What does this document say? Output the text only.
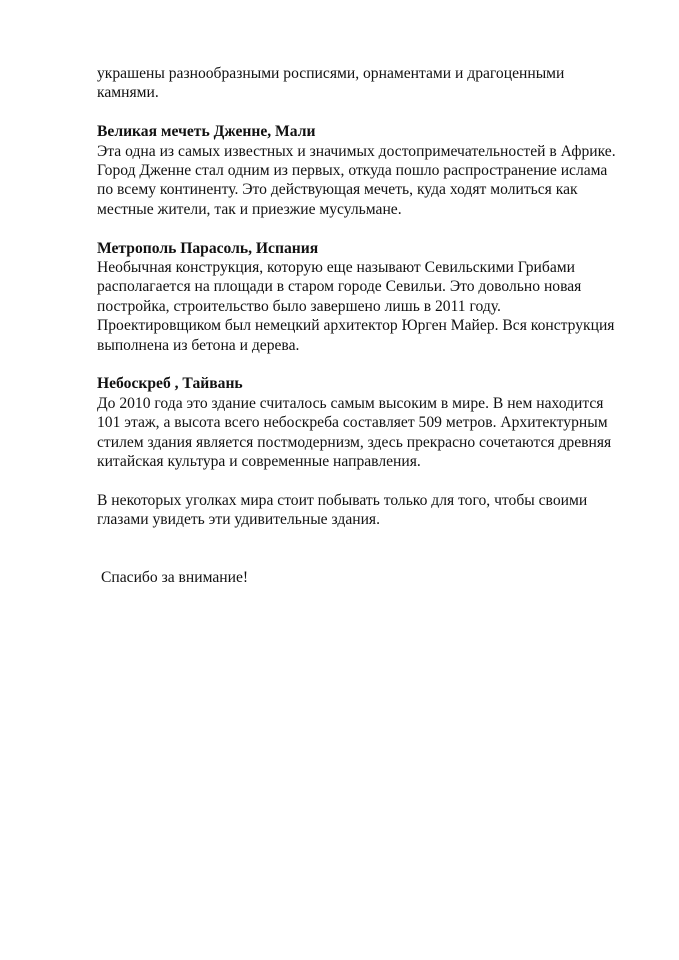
украшены разнообразными росписями, орнаментами и драгоценными
камнями.
Великая мечеть Дженне, Мали
Эта одна из самых известных и значимых достопримечательностей в Африке.
Город Дженне стал одним из первых, откуда пошло распространение ислама
по всему континенту. Это действующая мечеть, куда ходят молиться как
местные жители, так и приезжие мусульмане.
Метрополь Парасоль, Испания
Необычная конструкция, которую еще называют Севильскими Грибами
располагается на площади в старом городе Севильи. Это довольно новая
постройка, строительство было завершено лишь в 2011 году.
Проектировщиком был немецкий архитектор Юрген Майер. Вся конструкция
выполнена из бетона и дерева.
Небоскреб , Тайвань
До 2010 года это здание считалось самым высоким в мире. В нем находится
101 этаж, а высота всего небоскреба составляет 509 метров. Архитектурным
стилем здания является постмодернизм, здесь прекрасно сочетаются древняя
китайская культура и современные направления.
В некоторых уголках мира стоит побывать только для того, чтобы своими
глазами увидеть эти удивительные здания.
Спасибо за внимание!
